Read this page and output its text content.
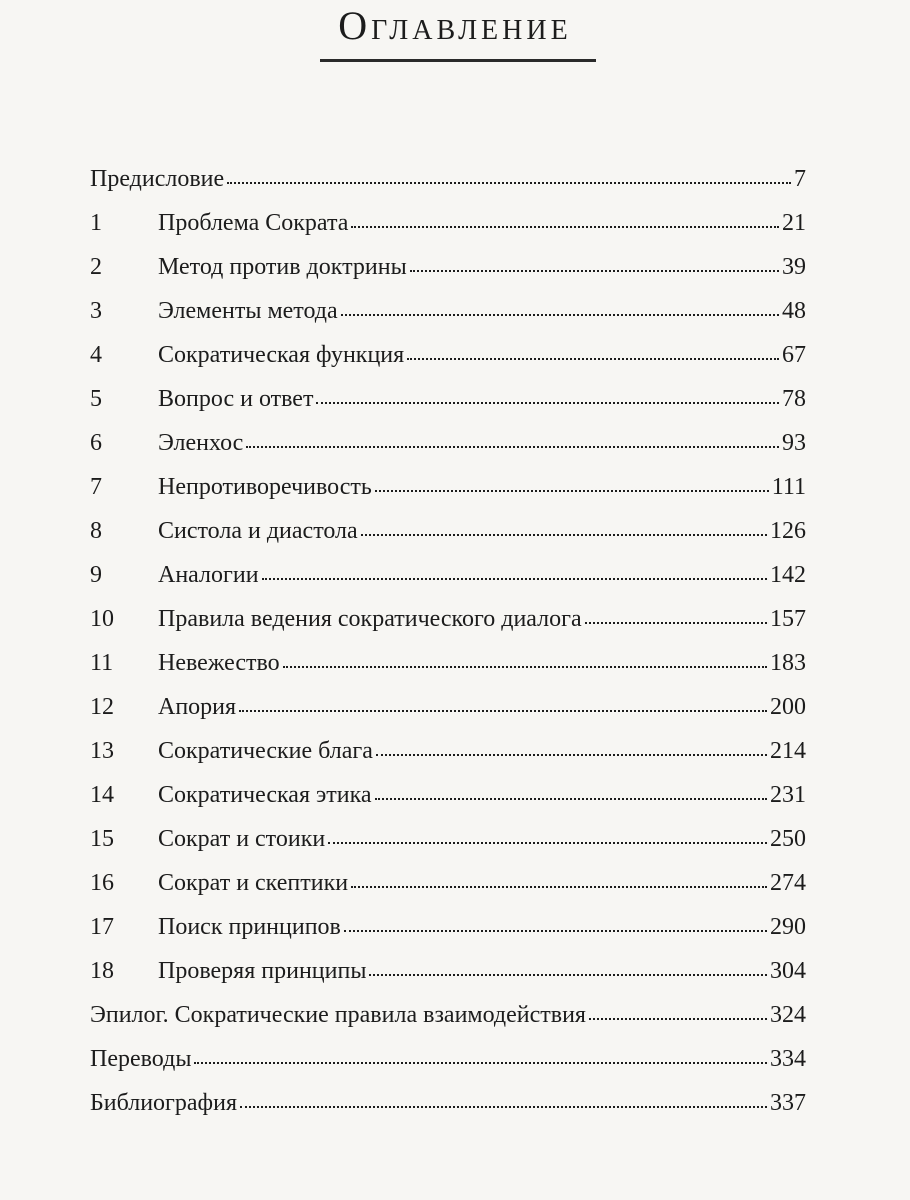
Оглавление
Предисловие	7
1	Проблема Сократа	21
2	Метод против доктрины	39
3	Элементы метода	48
4	Сократическая функция	67
5	Вопрос и ответ	78
6	Эленхос	93
7	Непротиворечивость	111
8	Систола и диастола	126
9	Аналогии	142
10	Правила ведения сократического диалога	157
11	Невежество	183
12	Апория	200
13	Сократические блага	214
14	Сократическая этика	231
15	Сократ и стоики	250
16	Сократ и скептики	274
17	Поиск принципов	290
18	Проверяя принципы	304
Эпилог. Сократические правила взаимодействия	324
Переводы	334
Библиография	337
